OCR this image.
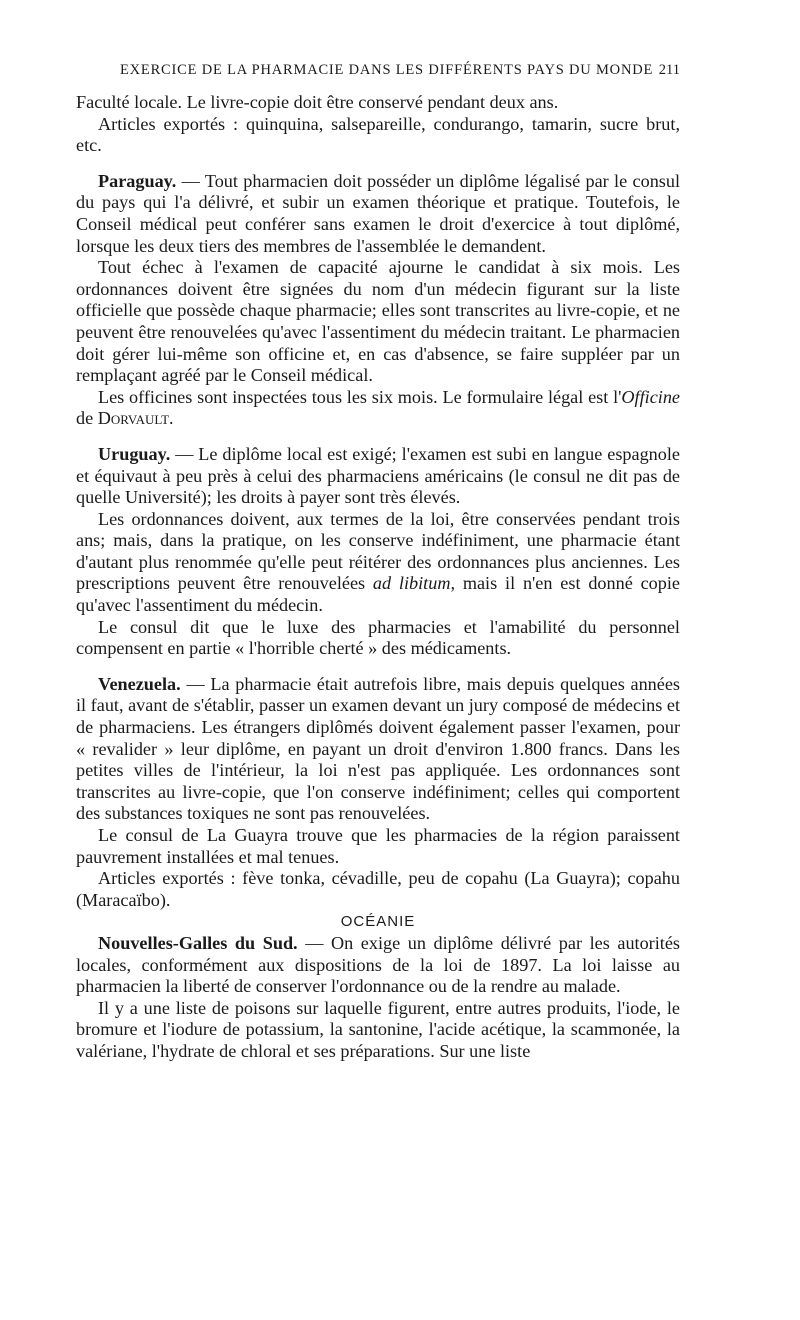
EXERCICE DE LA PHARMACIE DANS LES DIFFÉRENTS PAYS DU MONDE 211

Faculté locale. Le livre-copie doit être conservé pendant deux ans.

Articles exportés : quinquina, salsepareille, condurango, tamarin, sucre brut, etc.

Paraguay. — Tout pharmacien doit posséder un diplôme légalisé par le consul du pays qui l'a délivré, et subir un examen théorique et pratique. Toutefois, le Conseil médical peut conférer sans examen le droit d'exercice à tout diplômé, lorsque les deux tiers des membres de l'assemblée le demandent.

Tout échec à l'examen de capacité ajourne le candidat à six mois. Les ordonnances doivent être signées du nom d'un médecin figurant sur la liste officielle que possède chaque pharmacie; elles sont transcrites au livre-copie, et ne peuvent être renouvelées qu'avec l'assentiment du médecin traitant. Le pharmacien doit gérer lui-même son officine et, en cas d'absence, se faire suppléer par un remplaçant agréé par le Conseil médical.

Les officines sont inspectées tous les six mois. Le formulaire légal est l'Officine de Dorvault.

Uruguay. — Le diplôme local est exigé; l'examen est subi en langue espagnole et équivaut à peu près à celui des pharmaciens américains (le consul ne dit pas de quelle Université); les droits à payer sont très élevés.

Les ordonnances doivent, aux termes de la loi, être conservées pendant trois ans; mais, dans la pratique, on les conserve indéfiniment, une pharmacie étant d'autant plus renommée qu'elle peut réitérer des ordonnances plus anciennes. Les prescriptions peuvent être renouvelées ad libitum, mais il n'en est donné copie qu'avec l'assentiment du médecin.

Le consul dit que le luxe des pharmacies et l'amabilité du personnel compensent en partie « l'horrible cherté » des médicaments.

Venezuela. — La pharmacie était autrefois libre, mais depuis quelques années il faut, avant de s'établir, passer un examen devant un jury composé de médecins et de pharmaciens. Les étrangers diplômés doivent également passer l'examen, pour « revalider » leur diplôme, en payant un droit d'environ 1.800 francs. Dans les petites villes de l'intérieur, la loi n'est pas appliquée. Les ordonnances sont transcrites au livre-copie, que l'on conserve indéfiniment; celles qui comportent des substances toxiques ne sont pas renouvelées.

Le consul de La Guayra trouve que les pharmacies de la région paraissent pauvrement installées et mal tenues.

Articles exportés : fève tonka, cévadille, peu de copahu (La Guayra); copahu (Maracaïbo).

OCÉANIE

Nouvelles-Galles du Sud. — On exige un diplôme délivré par les autorités locales, conformément aux dispositions de la loi de 1897. La loi laisse au pharmacien la liberté de conserver l'ordonnance ou de la rendre au malade.

Il y a une liste de poisons sur laquelle figurent, entre autres produits, l'iode, le bromure et l'iodure de potassium, la santonine, l'acide acétique, la scammonée, la valériane, l'hydrate de chloral et ses préparations. Sur une liste
